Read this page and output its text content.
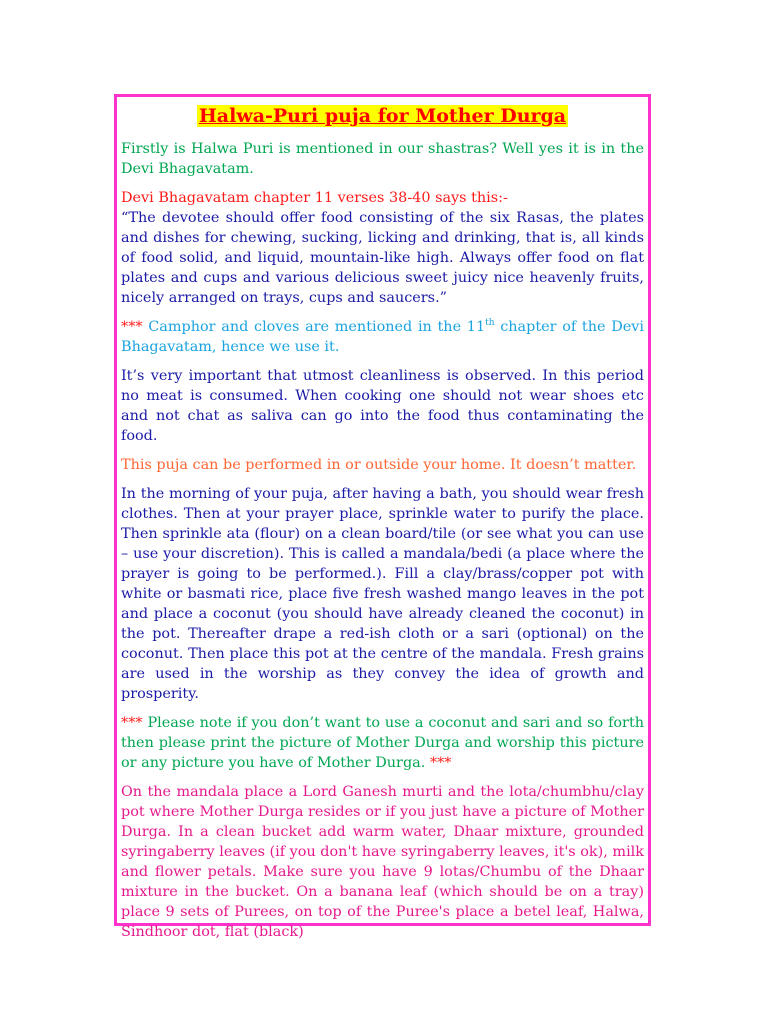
Halwa-Puri puja for Mother Durga

Firstly is Halwa Puri is mentioned in our shastras? Well yes it is in the Devi Bhagavatam.

Devi Bhagavatam chapter 11 verses 38-40 says this:-
“The devotee should offer food consisting of the six Rasas, the plates and dishes for chewing, sucking, licking and drinking, that is, all kinds of food solid, and liquid, mountain-like high. Always offer food on flat plates and cups and various delicious sweet juicy nice heavenly fruits, nicely arranged on trays, cups and saucers.”

*** Camphor and cloves are mentioned in the 11th chapter of the Devi Bhagavatam, hence we use it.

It’s very important that utmost cleanliness is observed. In this period no meat is consumed. When cooking one should not wear shoes etc and not chat as saliva can go into the food thus contaminating the food.

This puja can be performed in or outside your home. It doesn’t matter.

In the morning of your puja, after having a bath, you should wear fresh clothes. Then at your prayer place, sprinkle water to purify the place. Then sprinkle ata (flour) on a clean board/tile (or see what you can use – use your discretion). This is called a mandala/bedi (a place where the prayer is going to be performed.). Fill a clay/brass/copper pot with white or basmati rice, place five fresh washed mango leaves in the pot and place a coconut (you should have already cleaned the coconut) in the pot. Thereafter drape a red-ish cloth or a sari (optional) on the coconut. Then place this pot at the centre of the mandala. Fresh grains are used in the worship as they convey the idea of growth and prosperity.

*** Please note if you don’t want to use a coconut and sari and so forth then please print the picture of Mother Durga and worship this picture or any picture you have of Mother Durga. ***

On the mandala place a Lord Ganesh murti and the lota/chumbhu/clay pot where Mother Durga resides or if you just have a picture of Mother Durga. In a clean bucket add warm water, Dhaar mixture, grounded syringaberry leaves (if you don't have syringaberry leaves, it's ok), milk and flower petals. Make sure you have 9 lotas/Chumbu of the Dhaar mixture in the bucket. On a banana leaf (which should be on a tray) place 9 sets of Purees, on top of the Puree's place a betel leaf, Halwa, Sindhoor dot, flat (black)
